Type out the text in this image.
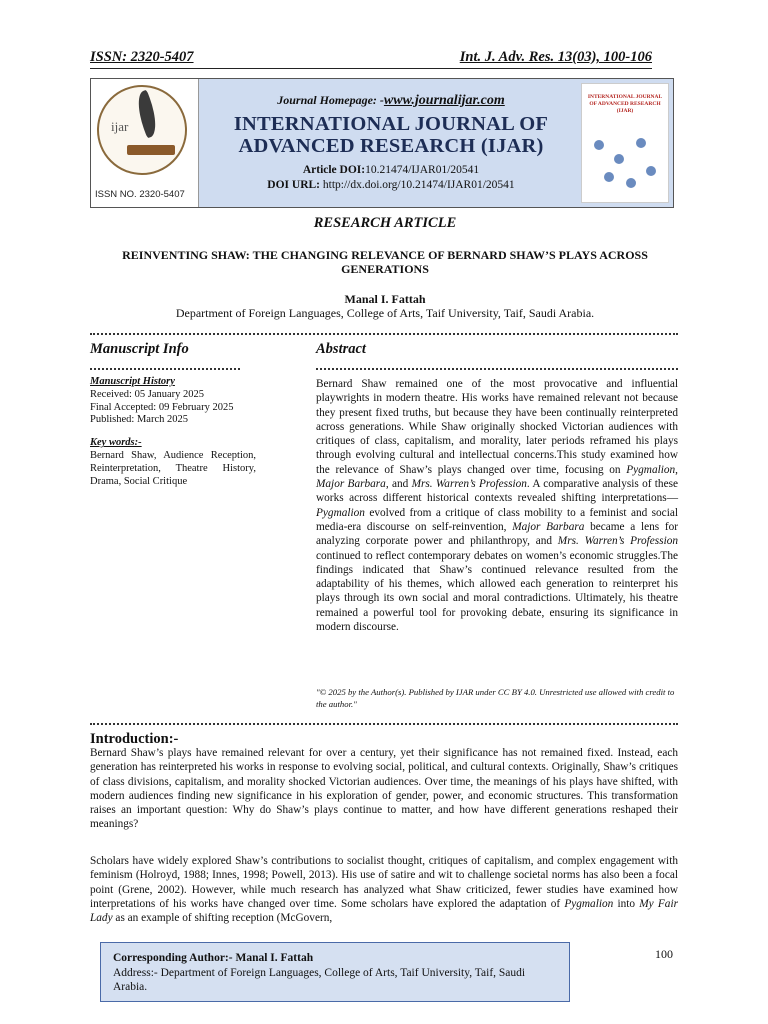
ISSN: 2320-5407	Int. J. Adv. Res. 13(03), 100-106
ijar
ISSN NO. 2320-5407
Journal Homepage: -www.journalijar.com
INTERNATIONAL JOURNAL OF
ADVANCED RESEARCH (IJAR)
Article DOI:10.21474/IJAR01/20541
DOI URL: http://dx.doi.org/10.21474/IJAR01/20541
INTERNATIONAL JOURNAL OF ADVANCED RESEARCH (IJAR)
RESEARCH ARTICLE
REINVENTING SHAW: THE CHANGING RELEVANCE OF BERNARD SHAW’S PLAYS ACROSS
GENERATIONS
Manal I. Fattah
Department of Foreign Languages, College of Arts, Taif University, Taif, Saudi Arabia.
Manuscript Info	Abstract
Manuscript History
Received: 05 January 2025
Final Accepted: 09 February 2025
Published: March 2025
Key words:-
Bernard Shaw, Audience Reception, Reinterpretation, Theatre History, Drama, Social Critique
Bernard Shaw remained one of the most provocative and influential playwrights in modern theatre. His works have remained relevant not because they present fixed truths, but because they have been continually reinterpreted across generations. While Shaw originally shocked Victorian audiences with critiques of class, capitalism, and morality, later periods reframed his plays through evolving cultural and intellectual concerns.This study examined how the relevance of Shaw’s plays changed over time, focusing on Pygmalion, Major Barbara, and Mrs. Warren’s Profession. A comparative analysis of these works across different historical contexts revealed shifting interpretations—Pygmalion evolved from a critique of class mobility to a feminist and social media-era discourse on self-reinvention, Major Barbara became a lens for analyzing corporate power and philanthropy, and Mrs. Warren’s Profession continued to reflect contemporary debates on women’s economic struggles.The findings indicated that Shaw’s continued relevance resulted from the adaptability of his themes, which allowed each generation to reinterpret his plays through its own social and moral contradictions. Ultimately, his theatre remained a powerful tool for provoking debate, ensuring its significance in modern discourse.
"© 2025 by the Author(s). Published by IJAR under CC BY 4.0. Unrestricted use allowed with credit to the author."
Introduction:-
Bernard Shaw’s plays have remained relevant for over a century, yet their significance has not remained fixed. Instead, each generation has reinterpreted his works in response to evolving social, political, and cultural contexts. Originally, Shaw’s critiques of class divisions, capitalism, and morality shocked Victorian audiences. Over time, the meanings of his plays have shifted, with modern audiences finding new significance in his exploration of gender, power, and economic structures. This transformation raises an important question: Why do Shaw’s plays continue to matter, and how have different generations reshaped their meanings?
Scholars have widely explored Shaw’s contributions to socialist thought, critiques of capitalism, and complex engagement with feminism (Holroyd, 1988; Innes, 1998; Powell, 2013). His use of satire and wit to challenge societal norms has also been a focal point (Grene, 2002). However, while much research has analyzed what Shaw criticized, fewer studies have examined how interpretations of his works have changed over time. Some scholars have explored the adaptation of Pygmalion into My Fair Lady as an example of shifting reception (McGovern,
Corresponding Author:- Manal I. Fattah
Address:- Department of Foreign Languages, College of Arts, Taif University, Taif, Saudi Arabia.
100
